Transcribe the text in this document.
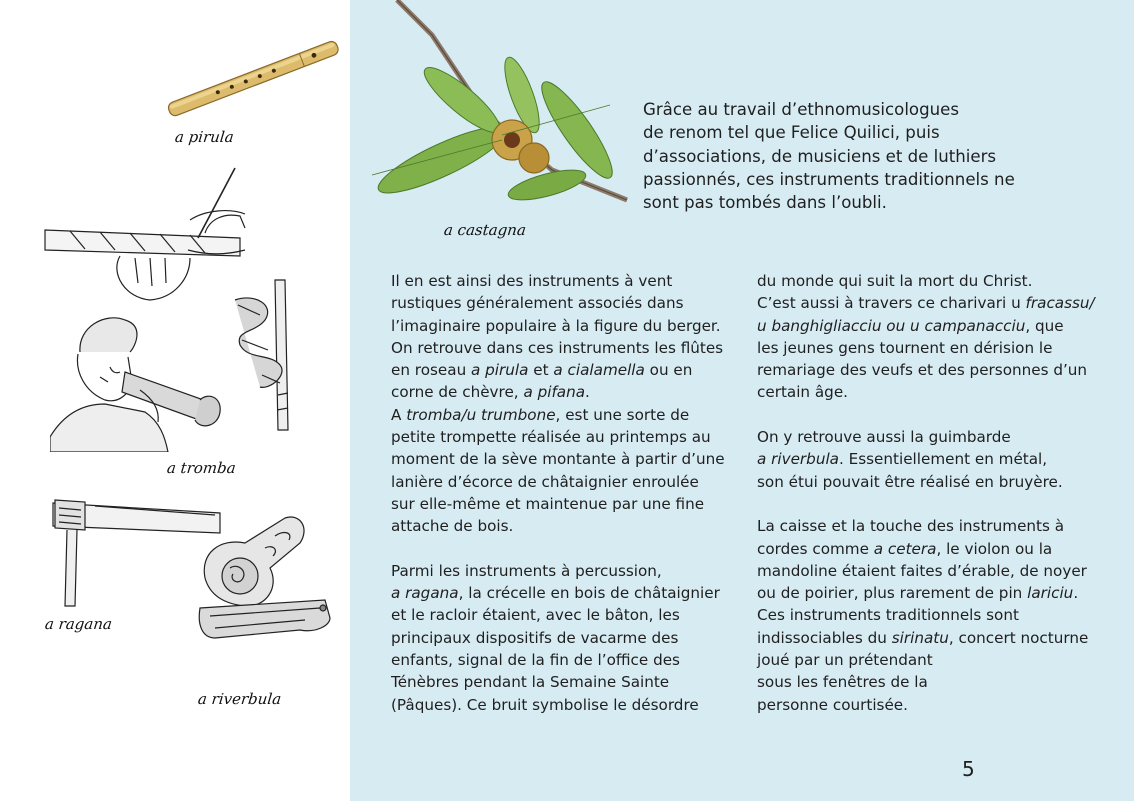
a pirula
a tromba
a ragana
a riverbula
a castagna
Grâce au travail d’ethnomusicologues
de renom tel que Felice Quilici, puis
d’associations, de musiciens et de luthiers
passionnés, ces instruments traditionnels ne
sont pas tombés dans l’oubli.
Il en est ainsi des instruments à vent
rustiques généralement associés dans
l’imaginaire populaire à la figure du berger.
On retrouve dans ces instruments les flûtes
en roseau a pirula et a cialamella ou en
corne de chèvre, a pifana.
A tromba/u trumbone, est une sorte de
petite trompette réalisée au printemps au
moment de la sève montante à partir d’une
lanière d’écorce de châtaignier enroulée
sur elle-même et maintenue par une fine
attache de bois.
Parmi les instruments à percussion,
a ragana, la crécelle en bois de châtaignier
et le racloir étaient, avec le bâton, les
principaux dispositifs de vacarme des
enfants, signal de la fin de l’office des
Ténèbres pendant la Semaine Sainte
(Pâques). Ce bruit symbolise le désordre
du monde qui suit la mort du Christ.
C’est aussi à travers ce charivari u fracassu/
u banghigliacciu ou u campanacciu, que
les jeunes gens tournent en dérision le
remariage des veufs et des personnes d’un
certain âge.
On y retrouve aussi la guimbarde
a riverbula. Essentiellement en métal,
son étui pouvait être réalisé en bruyère.
La caisse et la touche des instruments à
cordes comme a cetera, le violon ou la
mandoline étaient faites d’érable, de noyer
ou de poirier, plus rarement de pin lariciu.
Ces instruments traditionnels sont
indissociables du sirinatu, concert nocturne
joué par un prétendant
sous les fenêtres de la
personne courtisée.
5
